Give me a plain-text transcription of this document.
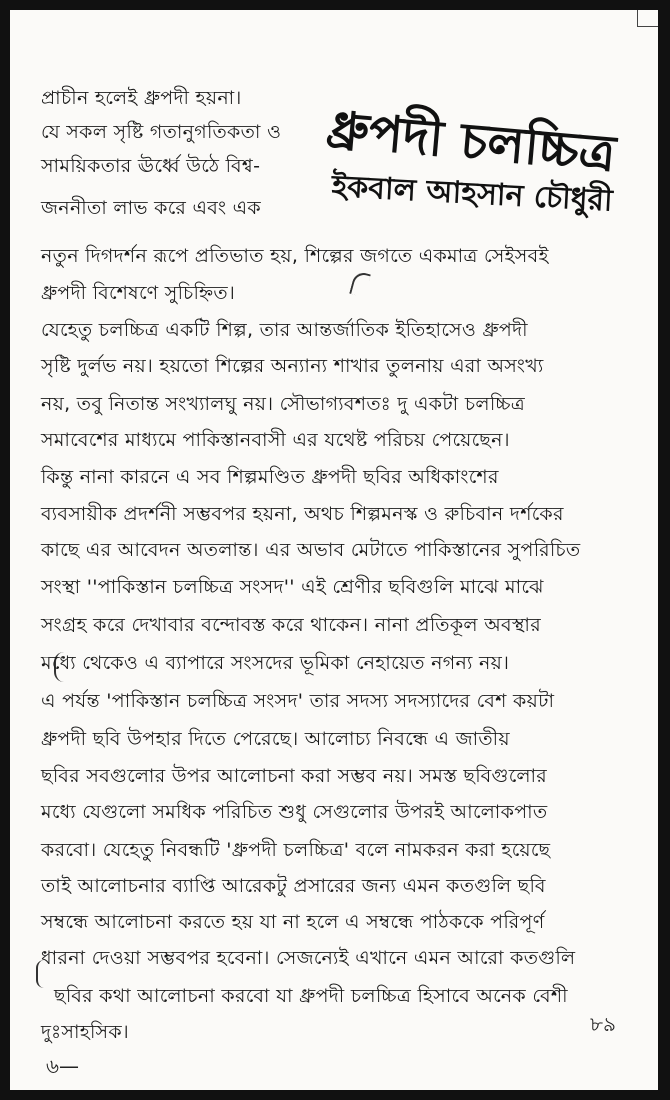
ধ্রুপদী চলচ্চিত্র
ইকবাল আহসান চৌধুরী
প্রাচীন হলেই ধ্রুপদী হয়না।
যে সকল সৃষ্টি গতানুগতিকতা ও
সাময়িকতার ঊর্ধ্বে উঠে বিশ্ব-
জননীতা লাভ করে এবং এক
নতুন দিগদর্শন রূপে প্রতিভাত হয়, শিল্পের জগতে একমাত্র সেইসবই
ধ্রুপদী বিশেষণে সুচিহ্নিত।
যেহেতু চলচ্চিত্র একটি শিল্প, তার আন্তর্জাতিক ইতিহাসেও ধ্রুপদী
সৃষ্টি দুর্লভ নয়। হয়তো শিল্পের অন্যান্য শাখার তুলনায় এরা অসংখ্য
নয়, তবু নিতান্ত সংখ্যালঘু নয়। সৌভাগ্যবশতঃ দু একটা চলচ্চিত্র
সমাবেশের মাধ্যমে পাকিস্তানবাসী এর যথেষ্ট পরিচয় পেয়েছেন।
কিন্তু নানা কারনে এ সব শিল্পমণ্ডিত ধ্রুপদী ছবির অধিকাংশের
ব্যবসায়ীক প্রদর্শনী সম্ভবপর হয়না, অথচ শিল্পমনস্ক ও রুচিবান দর্শকের
কাছে এর আবেদন অতলান্ত। এর অভাব মেটাতে পাকিস্তানের সুপরিচিত
সংস্থা ''পাকিস্তান চলচ্চিত্র সংসদ'' এই শ্রেণীর ছবিগুলি মাঝে মাঝে
সংগ্রহ করে দেখাবার বন্দোবস্ত করে থাকেন। নানা প্রতিকূল অবস্থার
মধ্যে থেকেও এ ব্যাপারে সংসদের ভূমিকা নেহায়েত নগন্য নয়।
এ পর্যন্ত 'পাকিস্তান চলচ্চিত্র সংসদ' তার সদস্য সদস্যাদের বেশ কয়টা
ধ্রুপদী ছবি উপহার দিতে পেরেছে। আলোচ্য নিবন্ধে এ জাতীয়
ছবির সবগুলোর উপর আলোচনা করা সম্ভব নয়। সমস্ত ছবিগুলোর
মধ্যে যেগুলো সমধিক পরিচিত শুধু সেগুলোর উপরই আলোকপাত
করবো। যেহেতু নিবন্ধটি 'ধ্রুপদী চলচ্চিত্র' বলে নামকরন করা হয়েছে
তাই আলোচনার ব্যাপ্তি আরেকটু প্রসারের জন্য এমন কতগুলি ছবি
সম্বন্ধে আলোচনা করতে হয় যা না হলে এ সম্বন্ধে পাঠককে পরিপূর্ণ
ধারনা দেওয়া সম্ভবপর হবেনা। সেজন্যেই এখানে এমন আরো কতগুলি
ছবির কথা আলোচনা করবো যা ধ্রুপদী চলচ্চিত্র হিসাবে অনেক বেশী
দুঃসাহসিক।	৮৯
৬—
